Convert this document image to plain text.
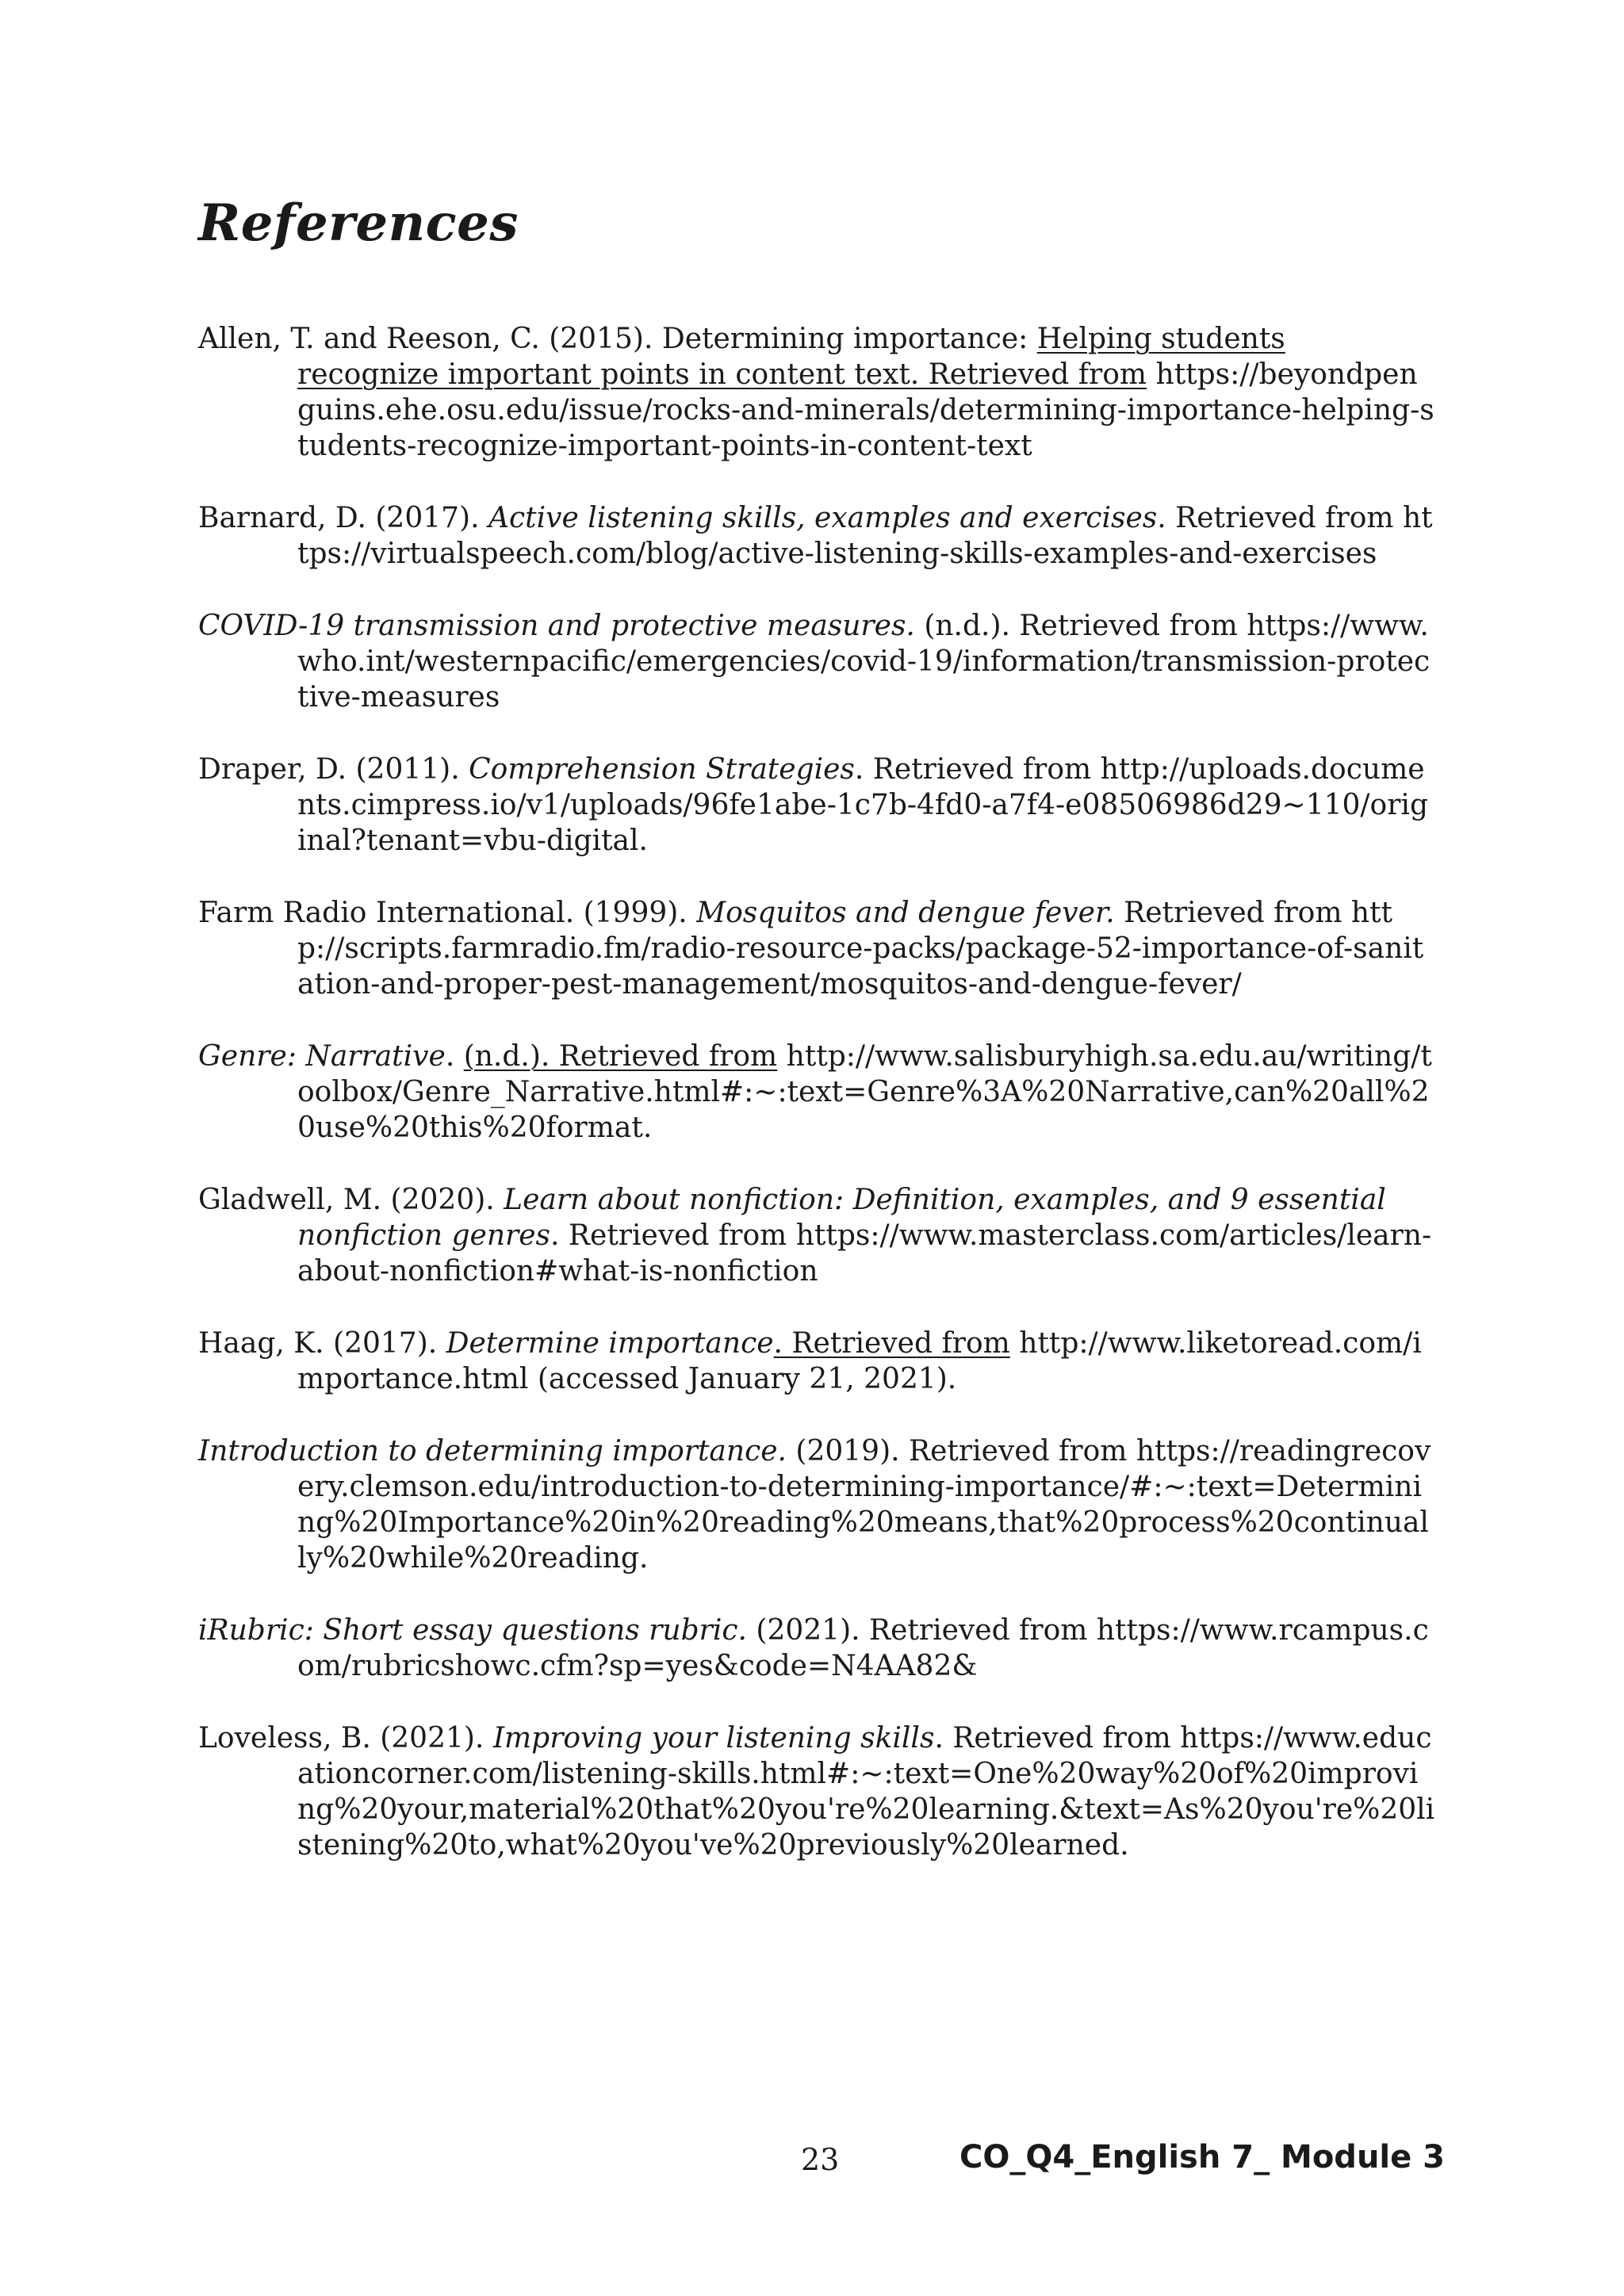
References

Allen, T. and Reeson, C. (2015). Determining importance: Helping students recognize important points in content text. Retrieved from https://beyondpenguins.ehe.osu.edu/issue/rocks-and-minerals/determining-importance-helping-students-recognize-important-points-in-content-text

Barnard, D. (2017). Active listening skills, examples and exercises. Retrieved from https://virtualspeech.com/blog/active-listening-skills-examples-and-exercises

COVID-19 transmission and protective measures. (n.d.). Retrieved from https://www.who.int/westernpacific/emergencies/covid-19/information/transmission-protective-measures

Draper, D. (2011). Comprehension Strategies. Retrieved from http://uploads.documents.cimpress.io/v1/uploads/96fe1abe-1c7b-4fd0-a7f4-e08506986d29~110/original?tenant=vbu-digital.

Farm Radio International. (1999). Mosquitos and dengue fever. Retrieved from http://scripts.farmradio.fm/radio-resource-packs/package-52-importance-of-sanitation-and-proper-pest-management/mosquitos-and-dengue-fever/

Genre: Narrative. (n.d.). Retrieved from http://www.salisburyhigh.sa.edu.au/writing/toolbox/Genre_Narrative.html#:~:text=Genre%3A%20Narrative,can%20all%20use%20this%20format.

Gladwell, M. (2020). Learn about nonfiction: Definition, examples, and 9 essential nonfiction genres. Retrieved from https://www.masterclass.com/articles/learn-about-nonfiction#what-is-nonfiction

Haag, K. (2017). Determine importance. Retrieved from http://www.liketoread.com/importance.html (accessed January 21, 2021).

Introduction to determining importance. (2019). Retrieved from https://readingrecovery.clemson.edu/introduction-to-determining-importance/#:~:text=Determining%20Importance%20in%20reading%20means,that%20process%20continually%20while%20reading.

iRubric: Short essay questions rubric. (2021). Retrieved from https://www.rcampus.com/rubricshowc.cfm?sp=yes&code=N4AA82&

Loveless, B. (2021). Improving your listening skills. Retrieved from https://www.educationcorner.com/listening-skills.html#:~:text=One%20way%20of%20improving%20your,material%20that%20you're%20learning.&text=As%20you're%20listening%20to,what%20you've%20previously%20learned.

23	CO_Q4_English 7_ Module 3
